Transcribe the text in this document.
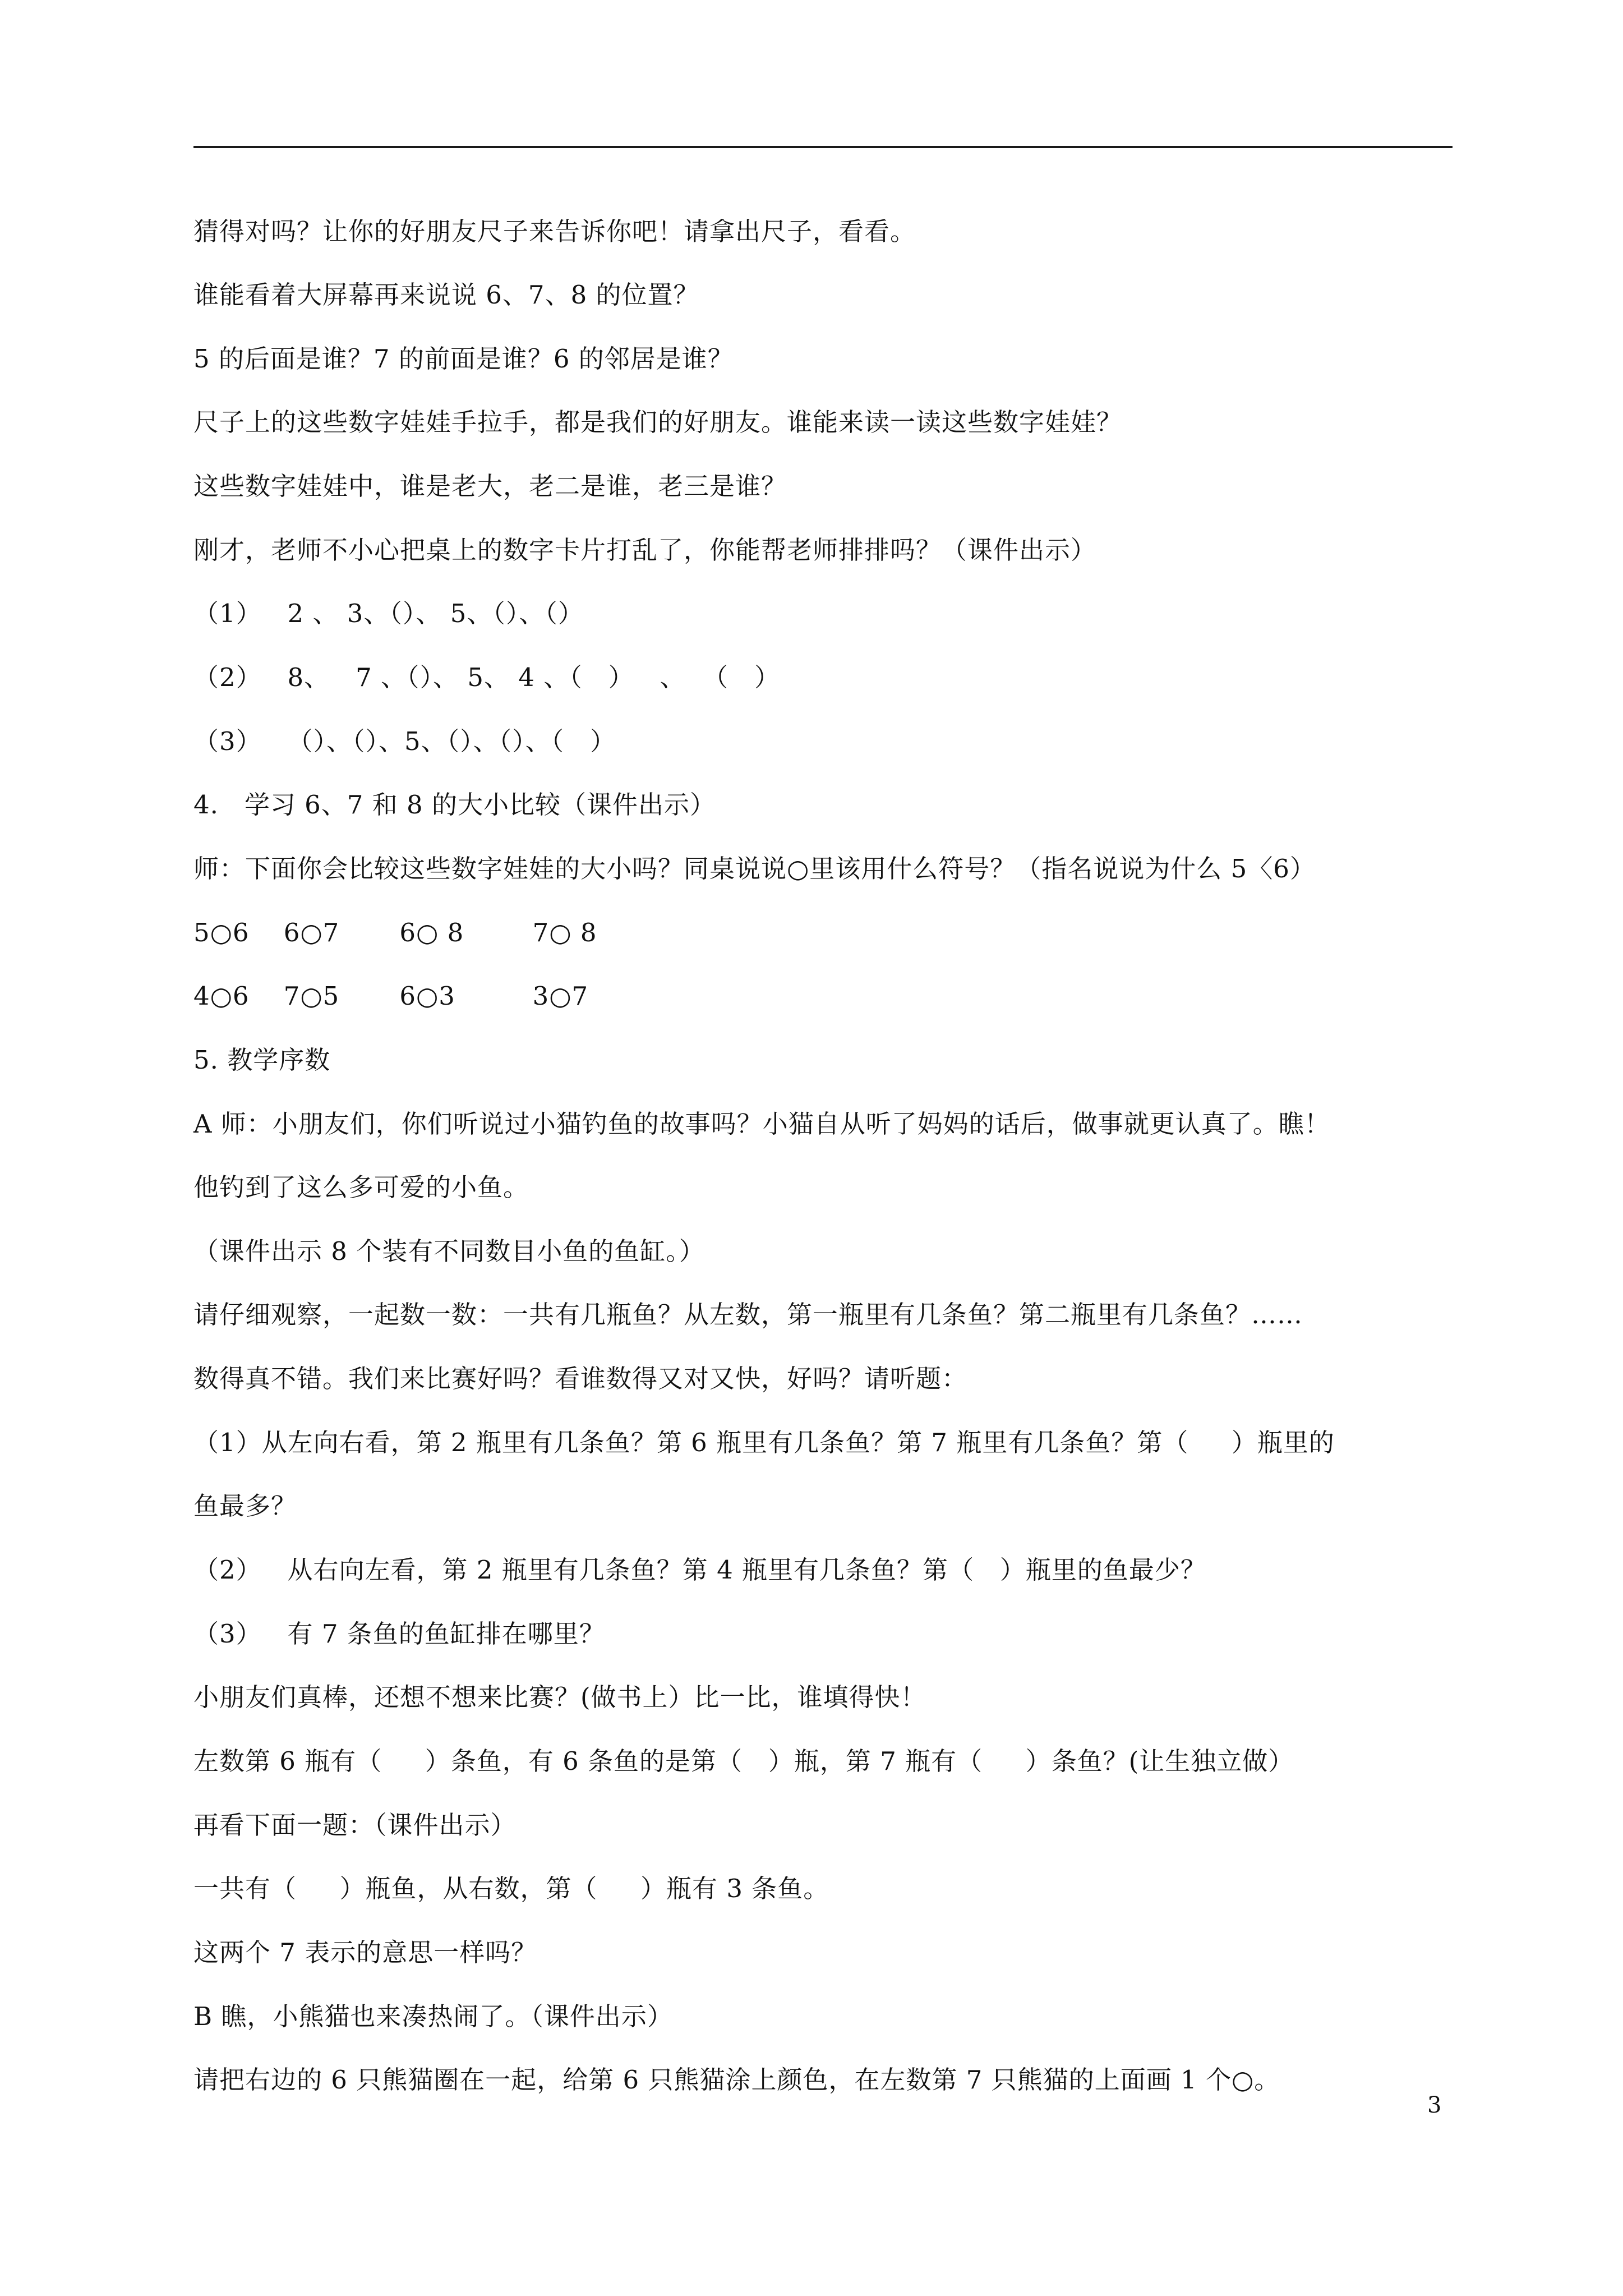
猜得对吗？让你的好朋友尺子来告诉你吧！请拿出尺子，看看。
谁能看着大屏幕再来说说 6、7、8 的位置？
5 的后面是谁？7 的前面是谁？6 的邻居是谁？
尺子上的这些数字娃娃手拉手，都是我们的好朋友。谁能来读一读这些数字娃娃？
这些数字娃娃中，谁是老大，老二是谁，老三是谁？
刚才，老师不小心把桌上的数字卡片打乱了，你能帮老师排排吗？（课件出示）
（1）   2 、 3、（）、 5、（）、（）
（2）   8、   7 、（）、 5、 4 、（   ）   、  （   ）
（3）   （）、（）、5、（）、（）、（   ）
4.   学习 6、7 和 8 的大小比较（课件出示）
师：下面你会比较这些数字娃娃的大小吗？同桌说说○里该用什么符号？（指名说说为什么 5〈6）
5○6    6○7       6○ 8        7○ 8
4○6    7○5       6○3         3○7
5. 教学序数
A 师：小朋友们，你们听说过小猫钓鱼的故事吗？小猫自从听了妈妈的话后，做事就更认真了。瞧！
他钓到了这么多可爱的小鱼。
（课件出示 8 个装有不同数目小鱼的鱼缸。）
请仔细观察，一起数一数：一共有几瓶鱼？从左数，第一瓶里有几条鱼？第二瓶里有几条鱼？……
数得真不错。我们来比赛好吗？看谁数得又对又快，好吗？请听题：
（1）从左向右看，第 2 瓶里有几条鱼？第 6 瓶里有几条鱼？第 7 瓶里有几条鱼？第（     ）瓶里的
鱼最多？
（2）   从右向左看，第 2 瓶里有几条鱼？第 4 瓶里有几条鱼？第（   ）瓶里的鱼最少？
（3）   有 7 条鱼的鱼缸排在哪里？
小朋友们真棒，还想不想来比赛？(做书上）比一比，谁填得快！
左数第 6 瓶有（     ）条鱼，有 6 条鱼的是第（   ）瓶，第 7 瓶有（     ）条鱼？(让生独立做）
再看下面一题：（课件出示）
一共有（     ）瓶鱼，从右数，第（     ）瓶有 3 条鱼。
这两个 7 表示的意思一样吗？
B 瞧，小熊猫也来凑热闹了。（课件出示）
请把右边的 6 只熊猫圈在一起，给第 6 只熊猫涂上颜色，在左数第 7 只熊猫的上面画 1 个○。
3
